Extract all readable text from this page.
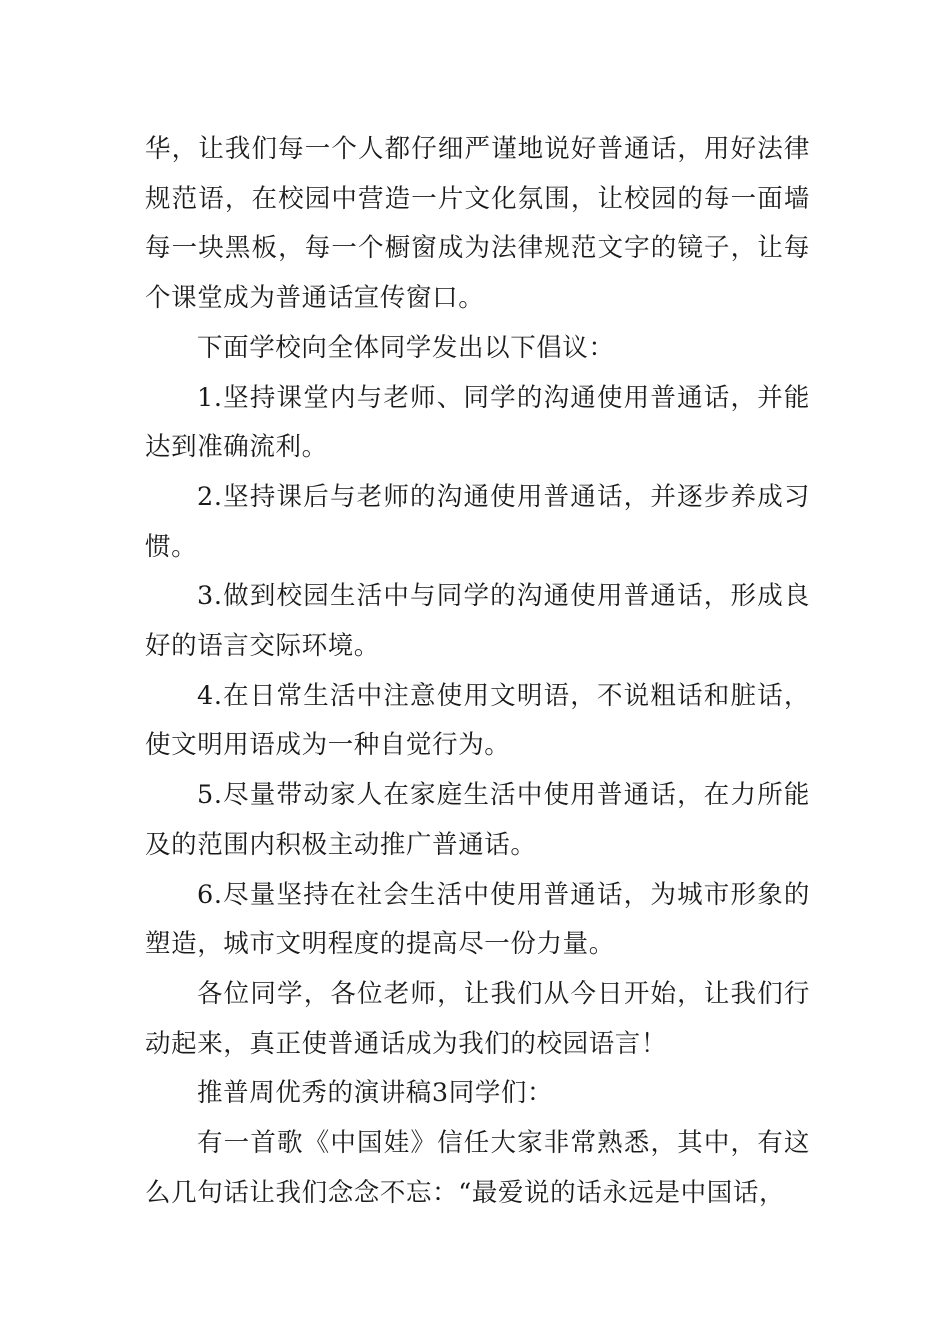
华，让我们每一个人都仔细严谨地说好普通话，用好法律规范语，在校园中营造一片文化氛围，让校园的每一面墙每一块黑板，每一个橱窗成为法律规范文字的镜子，让每个课堂成为普通话宣传窗口。

下面学校向全体同学发出以下倡议：

1.坚持课堂内与老师、同学的沟通使用普通话，并能达到准确流利。

2.坚持课后与老师的沟通使用普通话，并逐步养成习惯。

3.做到校园生活中与同学的沟通使用普通话，形成良好的语言交际环境。

4.在日常生活中注意使用文明语，不说粗话和脏话，使文明用语成为一种自觉行为。

5.尽量带动家人在家庭生活中使用普通话，在力所能及的范围内积极主动推广普通话。

6.尽量坚持在社会生活中使用普通话，为城市形象的塑造，城市文明程度的提高尽一份力量。

各位同学，各位老师，让我们从今日开始，让我们行动起来，真正使普通话成为我们的校园语言！

推普周优秀的演讲稿3同学们：

有一首歌《中国娃》信任大家非常熟悉，其中，有这么几句话让我们念念不忘：“最爱说的话永远是中国话，
